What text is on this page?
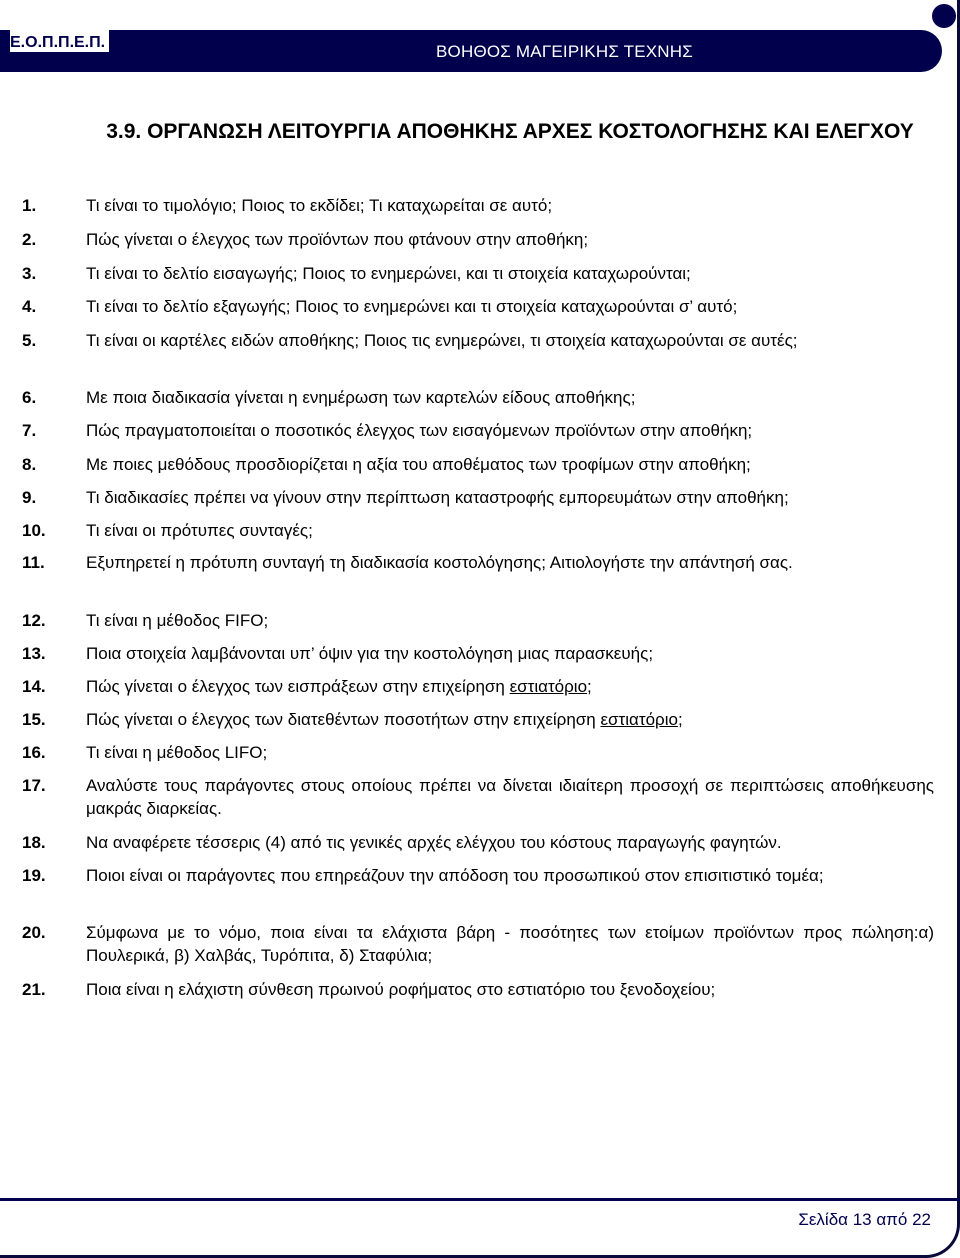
Ε.Ο.Π.Π.Ε.Π.	ΒΟΗΘΟΣ ΜΑΓΕΙΡΙΚΗΣ ΤΕΧΝΗΣ
3.9. ΟΡΓΑΝΩΣΗ ΛΕΙΤΟΥΡΓΙΑ ΑΠΟΘΗΚΗΣ ΑΡΧΕΣ ΚΟΣΤΟΛΟΓΗΣΗΣ ΚΑΙ ΕΛΕΓΧΟΥ
1.	Τι είναι το τιμολόγιο; Ποιος το εκδίδει; Τι καταχωρείται σε αυτό;
2.	Πώς γίνεται ο έλεγχος των προϊόντων που φτάνουν στην αποθήκη;
3.	Τι είναι το δελτίο εισαγωγής; Ποιος το ενημερώνει, και τι στοιχεία καταχωρούνται;
4.	Τι είναι το δελτίο εξαγωγής; Ποιος το ενημερώνει και τι στοιχεία καταχωρούνται σ’ αυτό;
5.	Τι είναι οι καρτέλες ειδών αποθήκης; Ποιος τις ενημερώνει, τι στοιχεία καταχωρούνται σε αυτές;
6.	Με ποια διαδικασία γίνεται η ενημέρωση των καρτελών είδους αποθήκης;
7.	Πώς πραγματοποιείται ο ποσοτικός έλεγχος των εισαγόμενων προϊόντων στην αποθήκη;
8.	Με ποιες μεθόδους προσδιορίζεται η αξία του αποθέματος των τροφίμων στην αποθήκη;
9.	Τι διαδικασίες πρέπει να γίνουν στην περίπτωση καταστροφής εμπορευμάτων στην αποθήκη;
10. Τι είναι οι πρότυπες συνταγές;
11. Εξυπηρετεί η πρότυπη συνταγή τη διαδικασία κοστολόγησης; Αιτιολογήστε την απάντησή σας.
12. Τι είναι η μέθοδος FIFO;
13. Ποια στοιχεία λαμβάνονται υπ’ όψιν για την κοστολόγηση μιας παρασκευής;
14. Πώς γίνεται ο έλεγχος των εισπράξεων στην επιχείρηση εστιατόριο;
15. Πώς γίνεται ο έλεγχος των διατεθέντων ποσοτήτων στην επιχείρηση εστιατόριο;
16. Τι είναι η μέθοδος LIFO;
17. Αναλύστε τους παράγοντες στους οποίους πρέπει να δίνεται ιδιαίτερη προσοχή σε περιπτώσεις αποθήκευσης μακράς διαρκείας.
18. Να αναφέρετε τέσσερις (4) από τις γενικές αρχές ελέγχου του κόστους παραγωγής φαγητών.
19. Ποιοι είναι οι παράγοντες που επηρεάζουν την απόδοση του προσωπικού στον επισιτιστικό τομέα;
20. Σύμφωνα με το νόμο, ποια είναι τα ελάχιστα βάρη - ποσότητες των ετοίμων προϊόντων προς πώληση:α) Πουλερικά, β) Χαλβάς, Τυρόπιτα, δ) Σταφύλια;
21. Ποια είναι η ελάχιστη σύνθεση πρωινού ροφήματος στο εστιατόριο του ξενοδοχείου;
Σελίδα 13 από 22
